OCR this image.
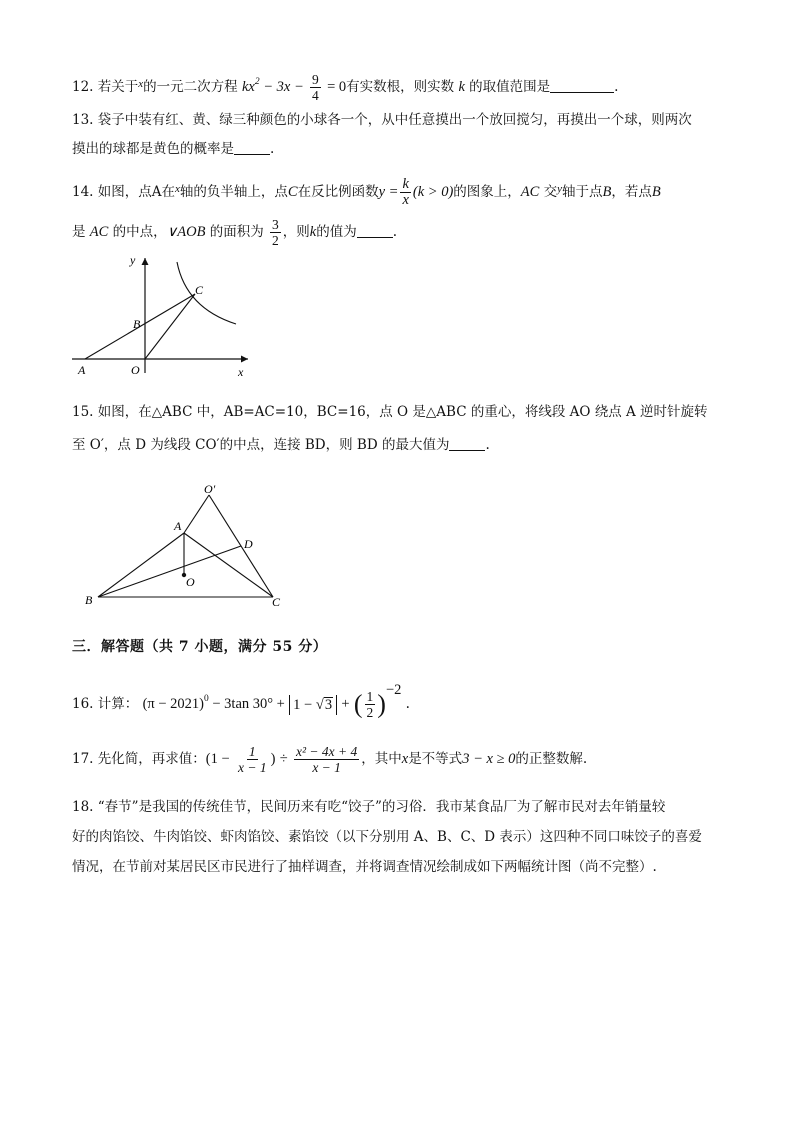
12. 若关于$^x$的一元二次方程 $kx^2 - 3x - \frac{9}{4} = 0$有实数根，则实数 k 的取值范围是	.
13. 袋子中装有红、黄、绿三种颜色的小球各一个，从中任意摸出一个放回搅匀，再摸出一个球，则两次
摸出的球都是黄色的概率是	.
14. 如图，点A在$^x$轴的负半轴上，点C在反比例函数$y = \frac{k}{x} (k > 0)$的图象上，AC 交$^y$轴于点B，若点B
是 AC 的中点，∨AOB 的面积为 $\frac{3}{2}$ ，则k的值为	.
y
x
A	O
B
C
15. 如图，在△ABC 中，AB=AC=10，BC=16，点 O 是△ABC 的重心，将线段 AO 绕点 A 逆时针旋转
至 O′，点 D 为线段 CO′的中点，连接 BD，则 BD 的最大值为	.
O′
A
D
O
B	C
三．解答题（共 7 小题，满分 55 分）
16. 计算： $(\pi - 2021)^0 - 3\tan$ 30° + 1 − √3 + ( $\frac{1}{2} )^{-2}$ .
17. 先化简，再求值：($1 - \frac{1}{x - 1}$ ) ÷ $\frac{\text{x² − 4x + 4}}{x - 1}$ ，其中x是不等式3 − x ≥ 0的正整数解.
18. “春节”是我国的传统佳节，民间历来有吃“饺子”的习俗．我市某食品厂为了解市民对去年销量较
好的肉馅饺、牛肉馅饺、虾肉馅饺、素馅饺（以下分别用 A、B、C、D 表示）这四种不同口味饺子的喜爱
情况，在节前对某居民区市民进行了抽样调查，并将调查情况绘制成如下两幅统计图（尚不完整）.
